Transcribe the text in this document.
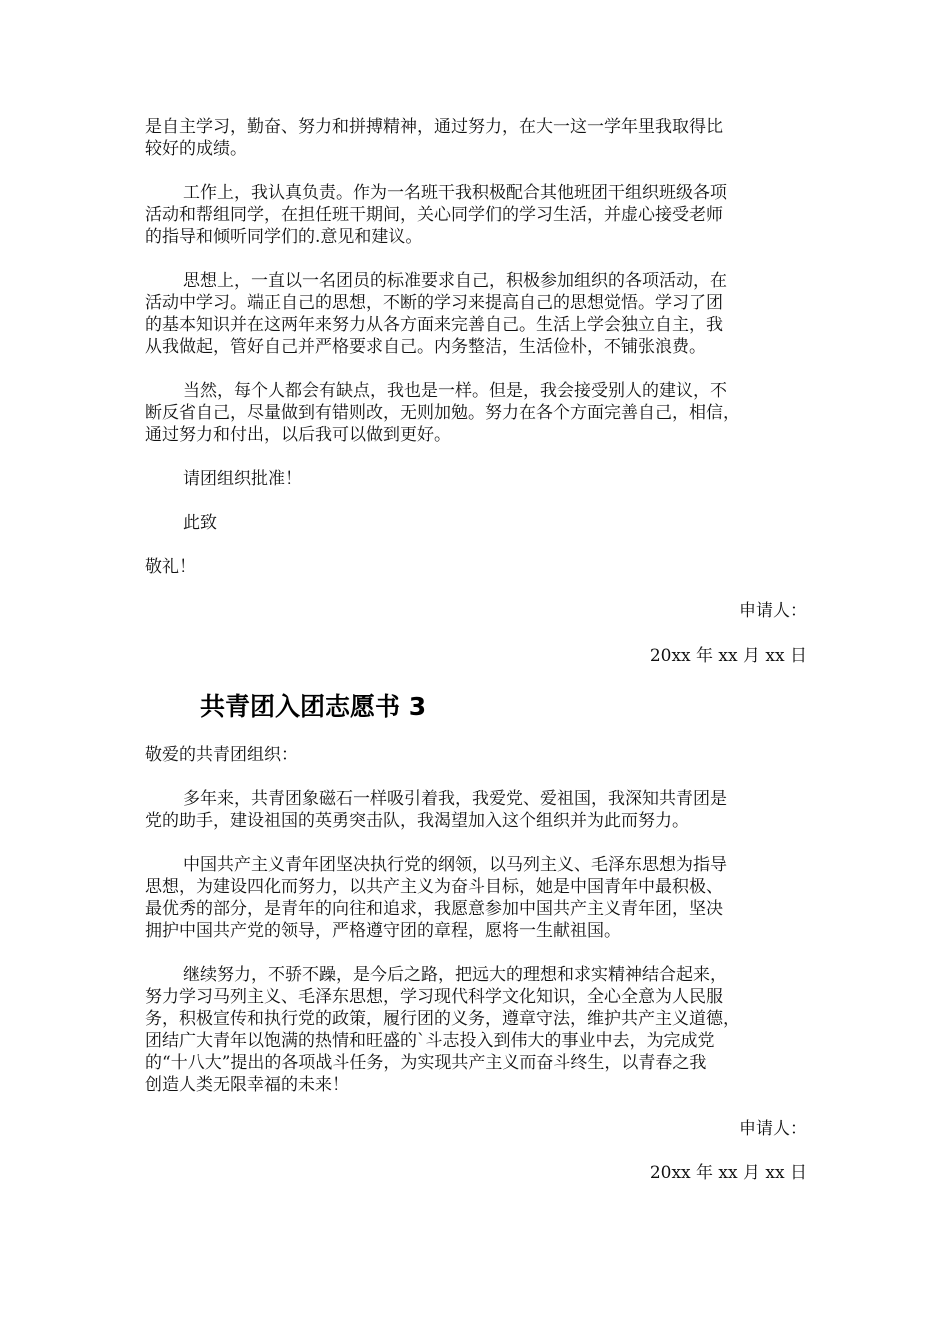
是自主学习，勤奋、努力和拼搏精神，通过努力，在大一这一学年里我取得比
较好的成绩。
工作上，我认真负责。作为一名班干我积极配合其他班团干组织班级各项
活动和帮组同学，在担任班干期间，关心同学们的学习生活，并虚心接受老师
的指导和倾听同学们的.意见和建议。
思想上，一直以一名团员的标准要求自己，积极参加组织的各项活动，在
活动中学习。端正自己的思想，不断的学习来提高自己的思想觉悟。学习了团
的基本知识并在这两年来努力从各方面来完善自己。生活上学会独立自主，我
从我做起，管好自己并严格要求自己。内务整洁，生活俭朴，不铺张浪费。
当然，每个人都会有缺点，我也是一样。但是，我会接受别人的建议，不
断反省自己，尽量做到有错则改，无则加勉。努力在各个方面完善自己，相信，
通过努力和付出，以后我可以做到更好。
请团组织批准！
此致
敬礼！
申请人：
20xx 年 xx 月 xx 日
共青团入团志愿书 3
敬爱的共青团组织：
多年来，共青团象磁石一样吸引着我，我爱党、爱祖国，我深知共青团是
党的助手，建设祖国的英勇突击队，我渴望加入这个组织并为此而努力。
中国共产主义青年团坚决执行党的纲领，以马列主义、毛泽东思想为指导
思想，为建设四化而努力，以共产主义为奋斗目标，她是中国青年中最积极、
最优秀的部分，是青年的向往和追求，我愿意参加中国共产主义青年团，坚决
拥护中国共产党的领导，严格遵守团的章程，愿将一生献祖国。
继续努力，不骄不躁，是今后之路，把远大的理想和求实精神结合起来，
努力学习马列主义、毛泽东思想，学习现代科学文化知识，全心全意为人民服
务，积极宣传和执行党的政策，履行团的义务，遵章守法，维护共产主义道德，
团结广大青年以饱满的热情和旺盛的`斗志投入到伟大的事业中去，为完成党
的“十八大”提出的各项战斗任务，为实现共产主义而奋斗终生，以青春之我
创造人类无限幸福的未来！
申请人：
20xx 年 xx 月 xx 日
